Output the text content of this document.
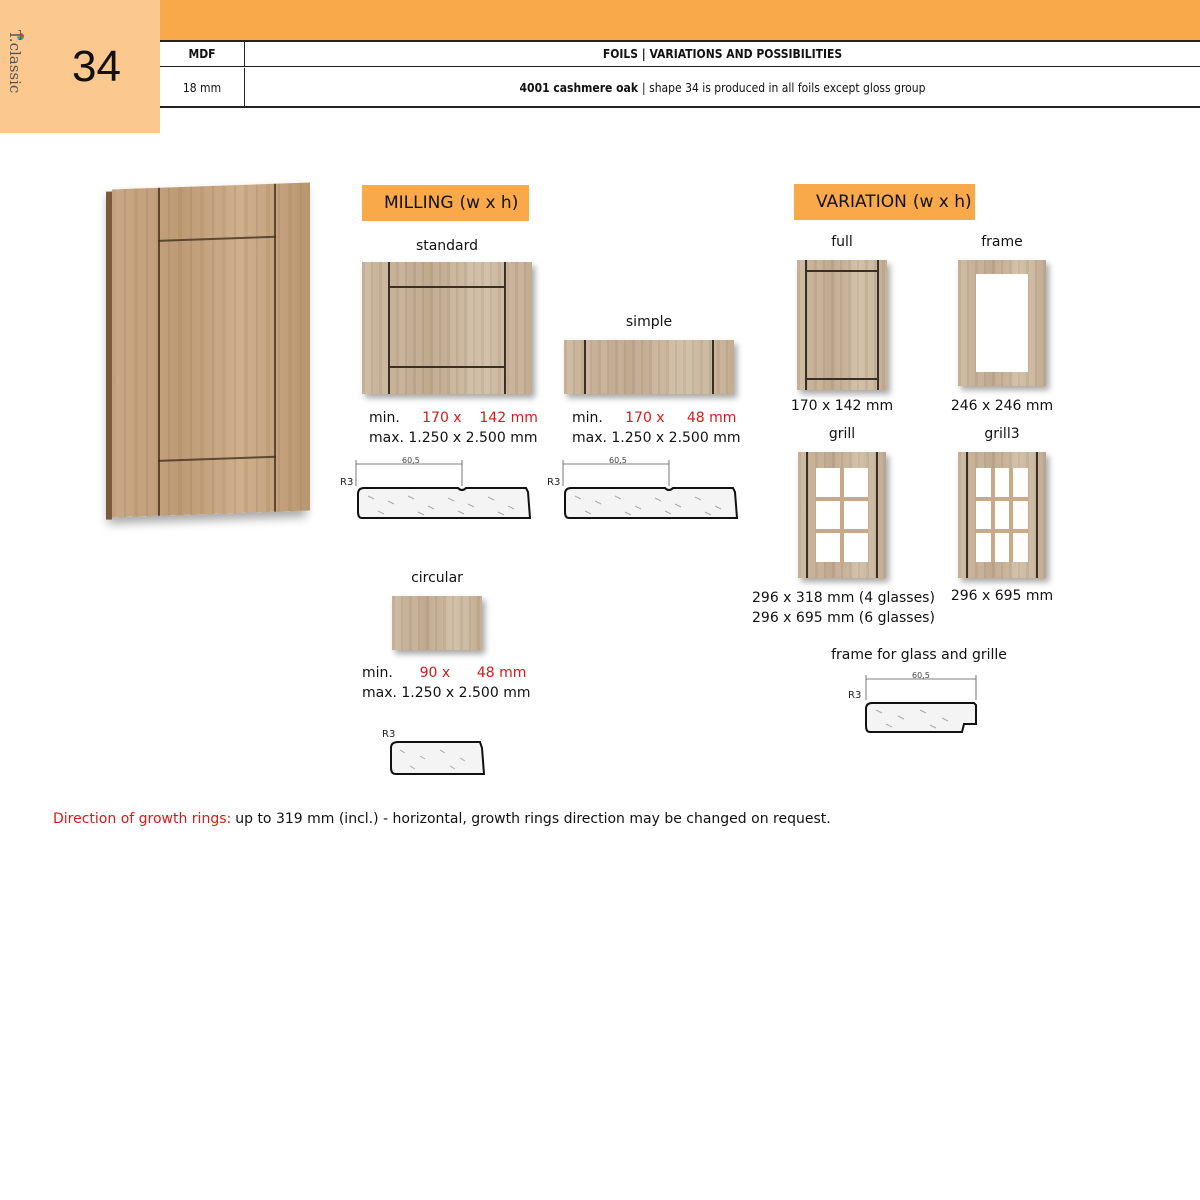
T.classic 34	MDF	FOILS | VARIATIONS AND POSSIBILITIES
18 mm	4001 cashmere oak | shape 34 is produced in all foils except gloss group
MILLING (w x h)
standard
min. 170 x 142 mm
max. 1.250 x 2.500 mm
R3
60,5
simple
min. 170 x 48 mm
max. 1.250 x 2.500 mm
R3
60,5
circular
min. 90 x 48 mm
max. 1.250 x 2.500 mm
R3
VARIATION (w x h)
full
170 x 142 mm
frame
246 x 246 mm
grill
296 x 318 mm (4 glasses)
296 x 695 mm (6 glasses)
grill3
296 x 695 mm
frame for glass and grille
R3
60,5
Direction of growth rings: up to 319 mm (incl.) - horizontal, growth rings direction may be changed on request.
